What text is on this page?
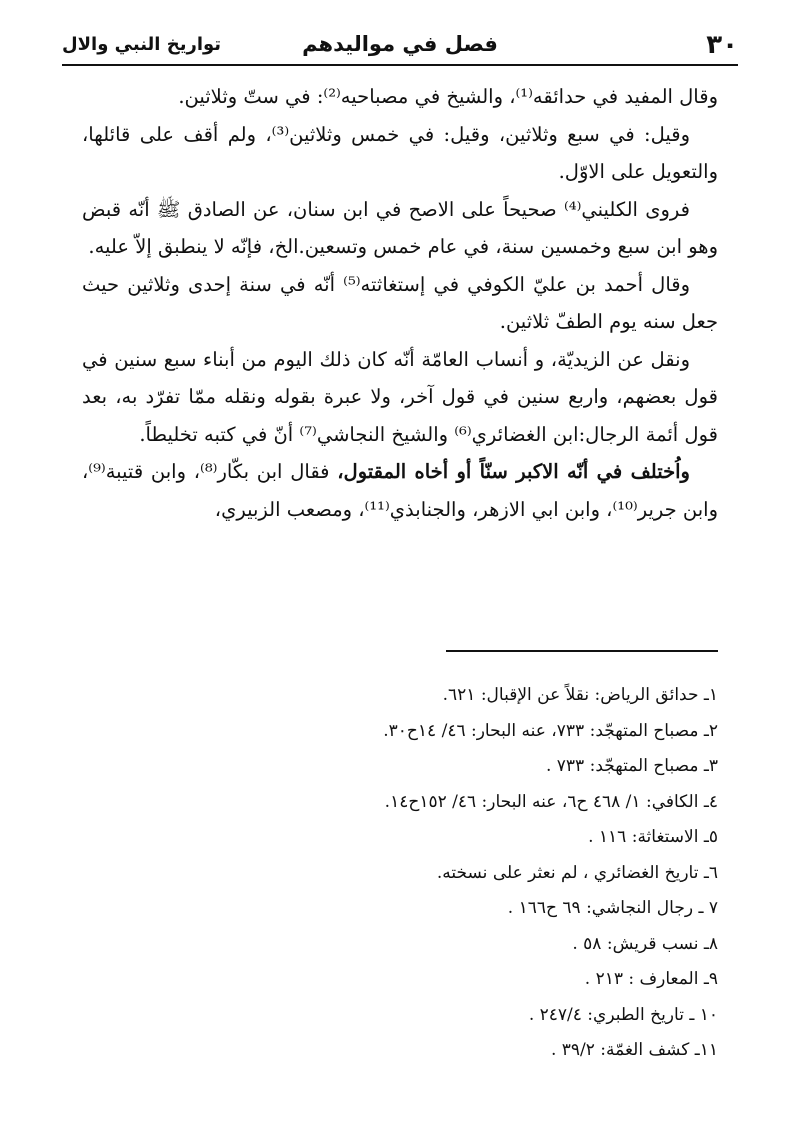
٣٠
فصل في مواليدهم
تواريخ النبي والال

وقال المفيد في حدائقه⁽¹⁾، والشيخ في مصباحيه⁽²⁾: في ستّ وثلاثين.

وقيل: في سبع وثلاثين، وقيل: في خمس وثلاثين⁽³⁾، ولم أقف على قائلها، والتعويل على الاوّل.

فروى الكليني⁽⁴⁾ صحيحاً على الاصح في ابن سنان، عن الصادق ﷺ أنّه قبض وهو ابن سبع وخمسين سنة، في عام خمس وتسعين.الخ، فإنّه لا ينطبق إلاّ عليه.

وقال أحمد بن عليّ الكوفي في إستغاثته⁽⁵⁾ أنّه في سنة إحدى وثلاثين حيث جعل سنه يوم الطفّ ثلاثين.

ونقل عن الزيديّة، و أنساب العامّة أنّه كان ذلك اليوم من أبناء سبع سنين في قول بعضهم، واربع سنين في قول آخر، ولا عبرة بقوله ونقله ممّا تفرّد به، بعد قول أئمة الرجال:ابن الغضائري⁽⁶⁾ والشيخ النجاشي⁽⁷⁾ أنّ في كتبه تخليطاً.

واُختلف في أنّه الاكبر سنّاً أو أخاه المقتول، فقال ابن بكّار⁽⁸⁾، وابن قتيبة⁽⁹⁾، وابن جرير⁽¹⁰⁾، وابن ابي الازهر، والجنابذي⁽¹¹⁾، ومصعب الزبيري،

١ـ حدائق الرياض: نقلاً عن الإقبال: ٦٢١.

٢ـ مصباح المتهجّد: ٧٣٣، عنه البحار: ٤٦/ ١٤ح٣٠.

٣ـ مصباح المتهجّد: ٧٣٣ .

٤ـ الكافي: ١/ ٤٦٨ ح٦، عنه البحار: ٤٦/ ١٥٢ح١٤.

٥ـ الاستغاثة: ١١٦ .

٦ـ تاريخ الغضائري ، لم نعثر على نسخته.

٧ ـ رجال النجاشي: ٦٩ ح١٦٦ .

٨ـ نسب قريش: ٥٨ .

٩ـ المعارف : ٢١٣ .

١٠ ـ تاريخ الطبري: ٢٤٧/٤ .

١١ـ كشف الغمّة: ٣٩/٢ .
